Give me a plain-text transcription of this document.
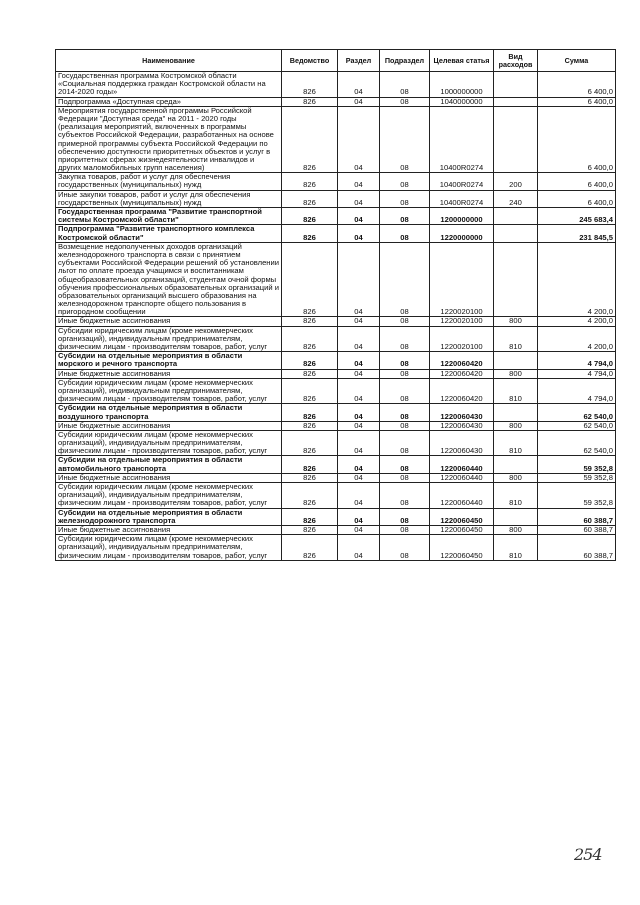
Наименование	Ведомство	Раздел	Подраздел	Целевая статья	Вид расходов	Сумма
Государственная программа Костромской области «Социальная поддержка граждан Костромской области на 2014-2020 годы»	826	04	08	1000000000		6 400,0
Подпрограмма «Доступная среда»	826	04	08	1040000000		6 400,0
Мероприятия государственной программы Российской Федерации "Доступная среда" на 2011 - 2020 годы (реализация мероприятий, включенных в программы субъектов Российской Федерации, разработанных на основе примерной программы субъекта Российской Федерации по обеспечению доступности приоритетных объектов и услуг в приоритетных сферах жизнедеятельности инвалидов и других маломобильных групп населения)	826	04	08	10400R0274		6 400,0
Закупка товаров, работ и услуг для обеспечения государственных (муниципальных) нужд	826	04	08	10400R0274	200	6 400,0
Иные закупки товаров, работ и услуг для обеспечения государственных (муниципальных) нужд	826	04	08	10400R0274	240	6 400,0
Государственная программа "Развитие транспортной системы Костромской области"	826	04	08	1200000000		245 683,4
Подпрограмма "Развитие транспортного комплекса Костромской области"	826	04	08	1220000000		231 845,5
Возмещение недополученных доходов организаций железнодорожного транспорта в связи с принятием субъектами Российской Федерации решений об установлении льгот по оплате проезда учащимся и воспитанникам общеобразовательных организаций, студентам очной формы обучения профессиональных образовательных организаций и образовательных организаций высшего образования на железнодорожном транспорте общего пользования в пригородном сообщении	826	04	08	1220020100		4 200,0
Иные бюджетные ассигнования	826	04	08	1220020100	800	4 200,0
Субсидии юридическим лицам (кроме некоммерческих организаций), индивидуальным предпринимателям, физическим лицам - производителям товаров, работ, услуг	826	04	08	1220020100	810	4 200,0
Субсидии на отдельные мероприятия в области морского и речного транспорта	826	04	08	1220060420		4 794,0
Иные бюджетные ассигнования	826	04	08	1220060420	800	4 794,0
Субсидии юридическим лицам (кроме некоммерческих организаций), индивидуальным предпринимателям, физическим лицам - производителям товаров, работ, услуг	826	04	08	1220060420	810	4 794,0
Субсидии на отдельные мероприятия в области воздушного транспорта	826	04	08	1220060430		62 540,0
Иные бюджетные ассигнования	826	04	08	1220060430	800	62 540,0
Субсидии юридическим лицам (кроме некоммерческих организаций), индивидуальным предпринимателям, физическим лицам - производителям товаров, работ, услуг	826	04	08	1220060430	810	62 540,0
Субсидии на отдельные мероприятия в области автомобильного транспорта	826	04	08	1220060440		59 352,8
Иные бюджетные ассигнования	826	04	08	1220060440	800	59 352,8
Субсидии юридическим лицам (кроме некоммерческих организаций), индивидуальным предпринимателям, физическим лицам - производителям товаров, работ, услуг	826	04	08	1220060440	810	59 352,8
Субсидии на отдельные мероприятия в области железнодорожного транспорта	826	04	08	1220060450		60 388,7
Иные бюджетные ассигнования	826	04	08	1220060450	800	60 388,7
Субсидии юридическим лицам (кроме некоммерческих организаций), индивидуальным предпринимателям, физическим лицам - производителям товаров, работ, услуг	826	04	08	1220060450	810	60 388,7
254
